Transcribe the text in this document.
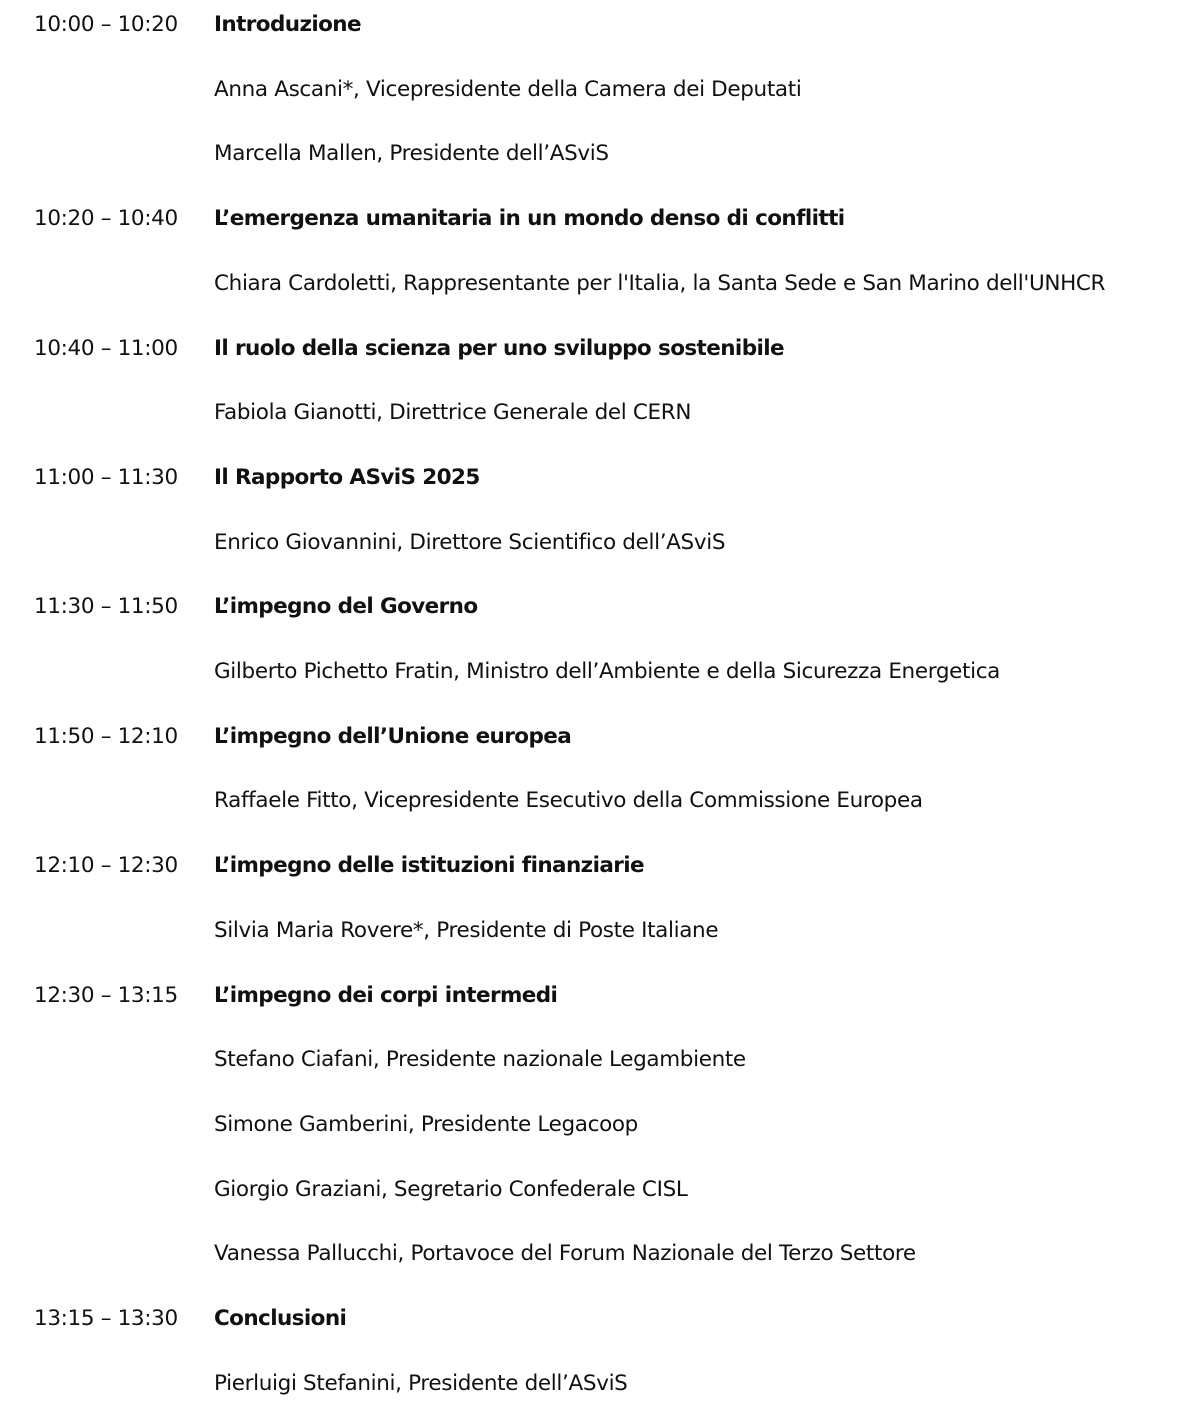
10:00 – 10:20	Introduzione
Anna Ascani*, Vicepresidente della Camera dei Deputati
Marcella Mallen, Presidente dell’ASviS
10:20 – 10:40	L’emergenza umanitaria in un mondo denso di conflitti
Chiara Cardoletti, Rappresentante per l'Italia, la Santa Sede e San Marino dell'UNHCR
10:40 – 11:00	Il ruolo della scienza per uno sviluppo sostenibile
Fabiola Gianotti, Direttrice Generale del CERN
11:00 – 11:30	Il Rapporto ASviS 2025
Enrico Giovannini, Direttore Scientifico dell’ASviS
11:30 – 11:50	L’impegno del Governo
Gilberto Pichetto Fratin, Ministro dell’Ambiente e della Sicurezza Energetica
11:50 – 12:10	L’impegno dell’Unione europea
Raffaele Fitto, Vicepresidente Esecutivo della Commissione Europea
12:10 – 12:30	L’impegno delle istituzioni finanziarie
Silvia Maria Rovere*, Presidente di Poste Italiane
12:30 – 13:15	L’impegno dei corpi intermedi
Stefano Ciafani, Presidente nazionale Legambiente
Simone Gamberini, Presidente Legacoop
Giorgio Graziani, Segretario Confederale CISL
Vanessa Pallucchi, Portavoce del Forum Nazionale del Terzo Settore
13:15 – 13:30	Conclusioni
Pierluigi Stefanini, Presidente dell’ASviS
